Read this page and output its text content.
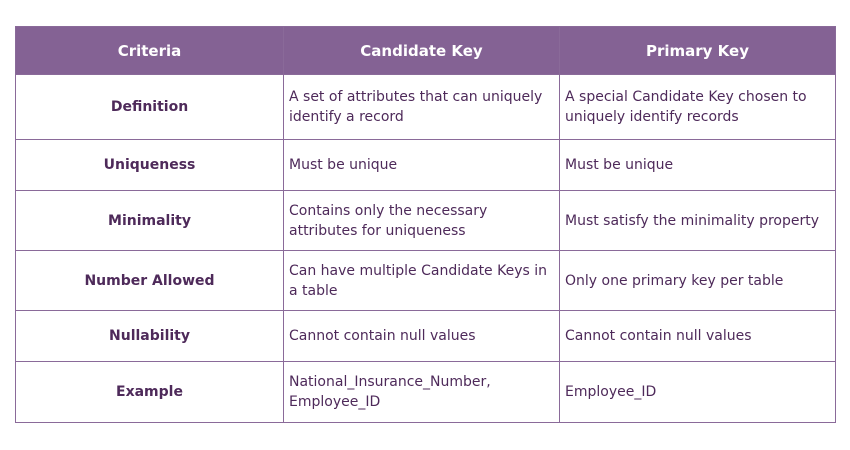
Criteria	Candidate Key	Primary Key
Definition	A set of attributes that can uniquely identify a record	A special Candidate Key chosen to uniquely identify records
Uniqueness	Must be unique	Must be unique
Minimality	Contains only the necessary attributes for uniqueness	Must satisfy the minimality property
Number Allowed	Can have multiple Candidate Keys in a table	Only one primary key per table
Nullability	Cannot contain null values	Cannot contain null values
Example	National_Insurance_Number, Employee_ID	Employee_ID
